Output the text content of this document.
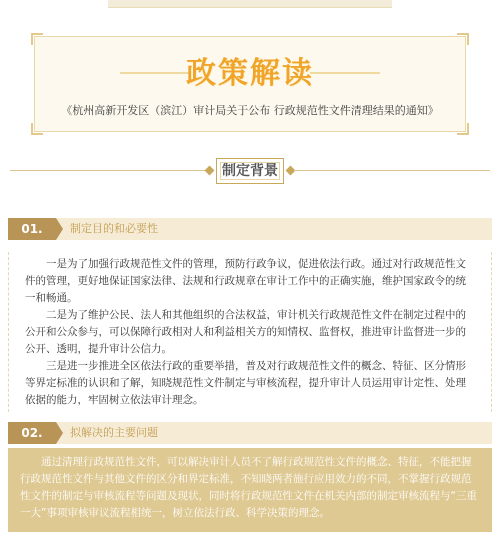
政策解读
《杭州高新开发区（滨江）审计局关于公布 行政规范性文件清理结果的通知》
制定背景
01.	制定目的和必要性

一是为了加强行政规范性文件的管理，预防行政争议，促进依法行政。通过对行政规范性文件的管理，更好地保证国家法律、法规和行政规章在审计工作中的正确实施，维护国家政令的统一和畅通。

二是为了维护公民、法人和其他组织的合法权益，审计机关行政规范性文件在制定过程中的公开和公众参与，可以保障行政相对人和利益相关方的知情权、监督权，推进审计监督进一步的公开、透明，提升审计公信力。

三是进一步推进全区依法行政的重要举措，普及对行政规范性文件的概念、特征、区分情形等界定标准的认识和了解，知晓规范性文件制定与审核流程，提升审计人员运用审计定性、处理依据的能力，牢固树立依法审计理念。

02.	拟解决的主要问题

通过清理行政规范性文件，可以解决审计人员不了解行政规范性文件的概念、特征，不能把握行政规范性文件与其他文件的区分和界定标准，不知晓两者施行应用效力的不同，不掌握行政规范性文件的制定与审核流程等问题及现状，同时将行政规范性文件在机关内部的制定审核流程与“三重一大”事项审核审议流程相统一，树立依法行政、科学决策的理念。
